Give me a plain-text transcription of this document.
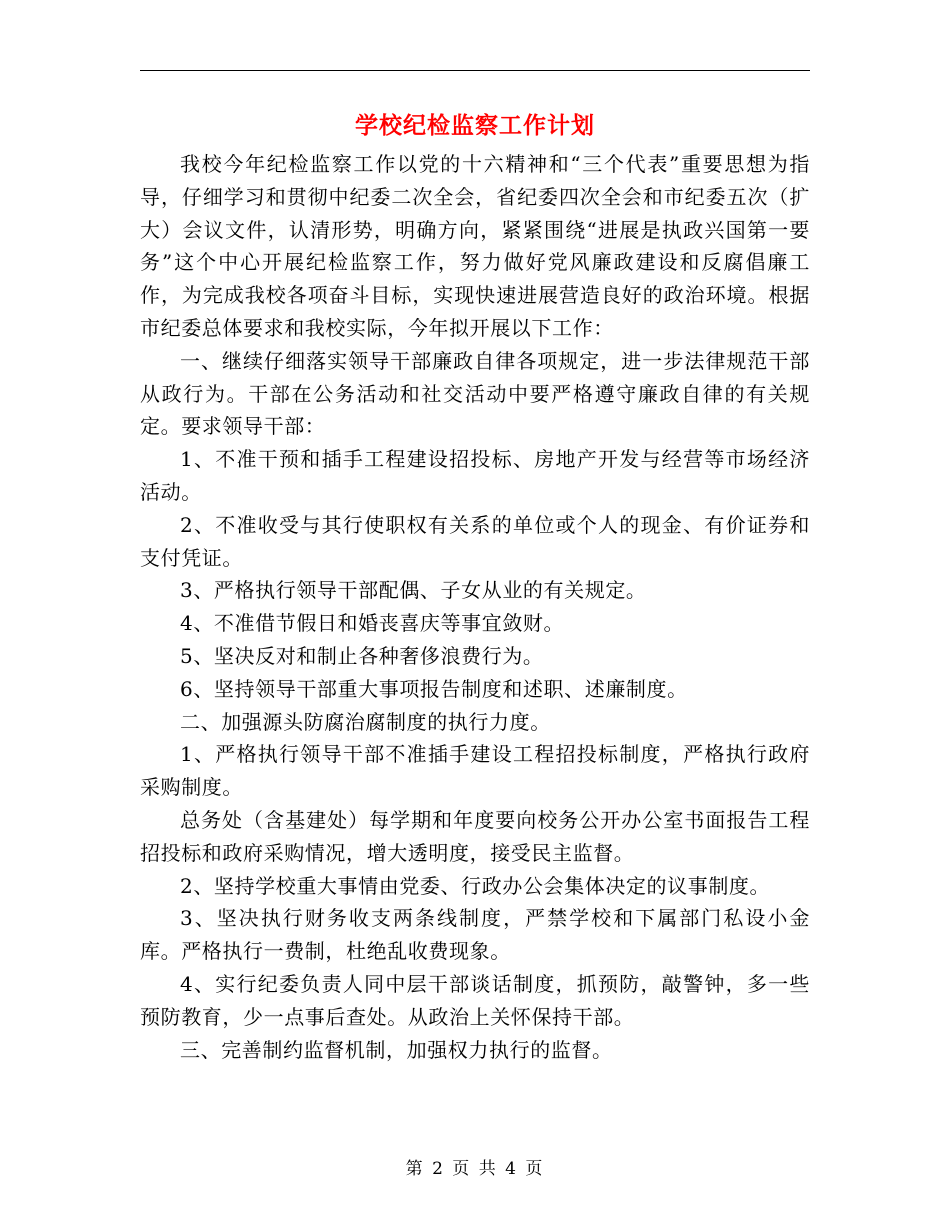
学校纪检监察工作计划

我校今年纪检监察工作以党的十六精神和“三个代表”重要思想为指导，仔细学习和贯彻中纪委二次全会，省纪委四次全会和市纪委五次（扩大）会议文件，认清形势，明确方向，紧紧围绕“进展是执政兴国第一要务”这个中心开展纪检监察工作，努力做好党风廉政建设和反腐倡廉工作，为完成我校各项奋斗目标，实现快速进展营造良好的政治环境。根据市纪委总体要求和我校实际，今年拟开展以下工作：

一、继续仔细落实领导干部廉政自律各项规定，进一步法律规范干部从政行为。干部在公务活动和社交活动中要严格遵守廉政自律的有关规定。要求领导干部：

1、不准干预和插手工程建设招投标、房地产开发与经营等市场经济活动。

2、不准收受与其行使职权有关系的单位或个人的现金、有价证券和支付凭证。

3、严格执行领导干部配偶、子女从业的有关规定。

4、不准借节假日和婚丧喜庆等事宜敛财。

5、坚决反对和制止各种奢侈浪费行为。

6、坚持领导干部重大事项报告制度和述职、述廉制度。

二、加强源头防腐治腐制度的执行力度。

1、严格执行领导干部不准插手建设工程招投标制度，严格执行政府采购制度。

总务处（含基建处）每学期和年度要向校务公开办公室书面报告工程招投标和政府采购情况，增大透明度，接受民主监督。

2、坚持学校重大事情由党委、行政办公会集体决定的议事制度。

3、坚决执行财务收支两条线制度，严禁学校和下属部门私设小金库。严格执行一费制，杜绝乱收费现象。

4、实行纪委负责人同中层干部谈话制度，抓预防，敲警钟，多一些预防教育，少一点事后查处。从政治上关怀保持干部。

三、完善制约监督机制，加强权力执行的监督。

第 2 页 共 4 页
